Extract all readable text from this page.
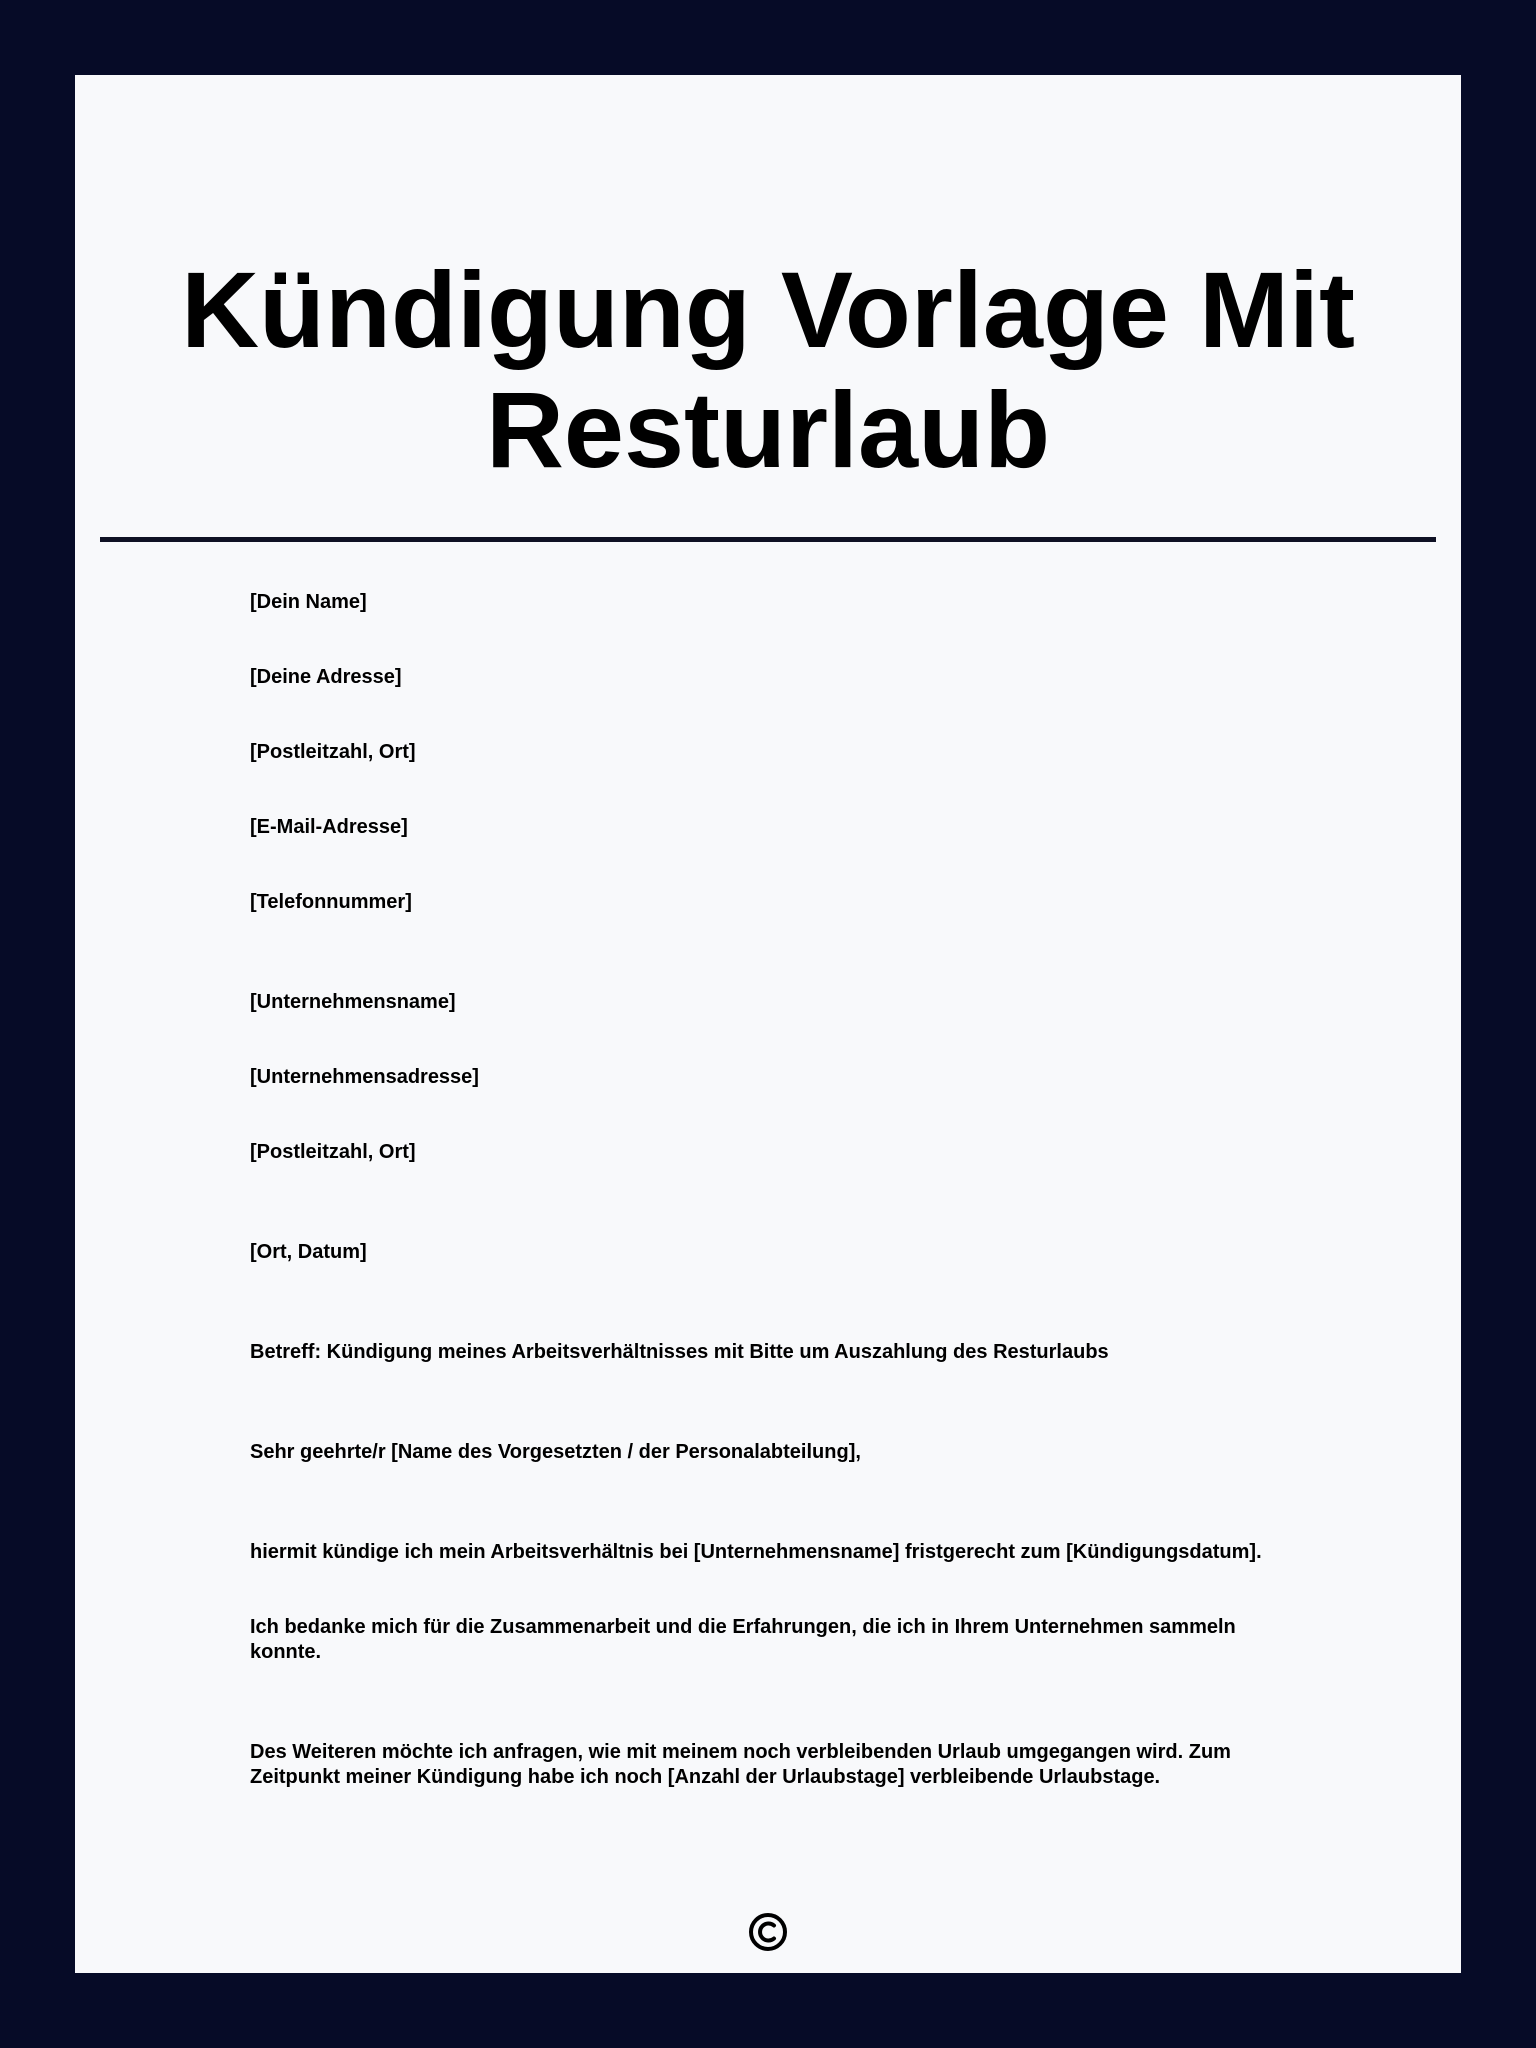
Kündigung Vorlage Mit Resturlaub

[Dein Name]

[Deine Adresse]

[Postleitzahl, Ort]

[E-Mail-Adresse]

[Telefonnummer]

[Unternehmensname]

[Unternehmensadresse]

[Postleitzahl, Ort]

[Ort, Datum]

Betreff: Kündigung meines Arbeitsverhältnisses mit Bitte um Auszahlung des Resturlaubs

Sehr geehrte/r [Name des Vorgesetzten / der Personalabteilung],

hiermit kündige ich mein Arbeitsverhältnis bei [Unternehmensname] fristgerecht zum [Kündigungsdatum].

Ich bedanke mich für die Zusammenarbeit und die Erfahrungen, die ich in Ihrem Unternehmen sammeln konnte.

Des Weiteren möchte ich anfragen, wie mit meinem noch verbleibenden Urlaub umgegangen wird. Zum Zeitpunkt meiner Kündigung habe ich noch [Anzahl der Urlaubstage] verbleibende Urlaubstage.
